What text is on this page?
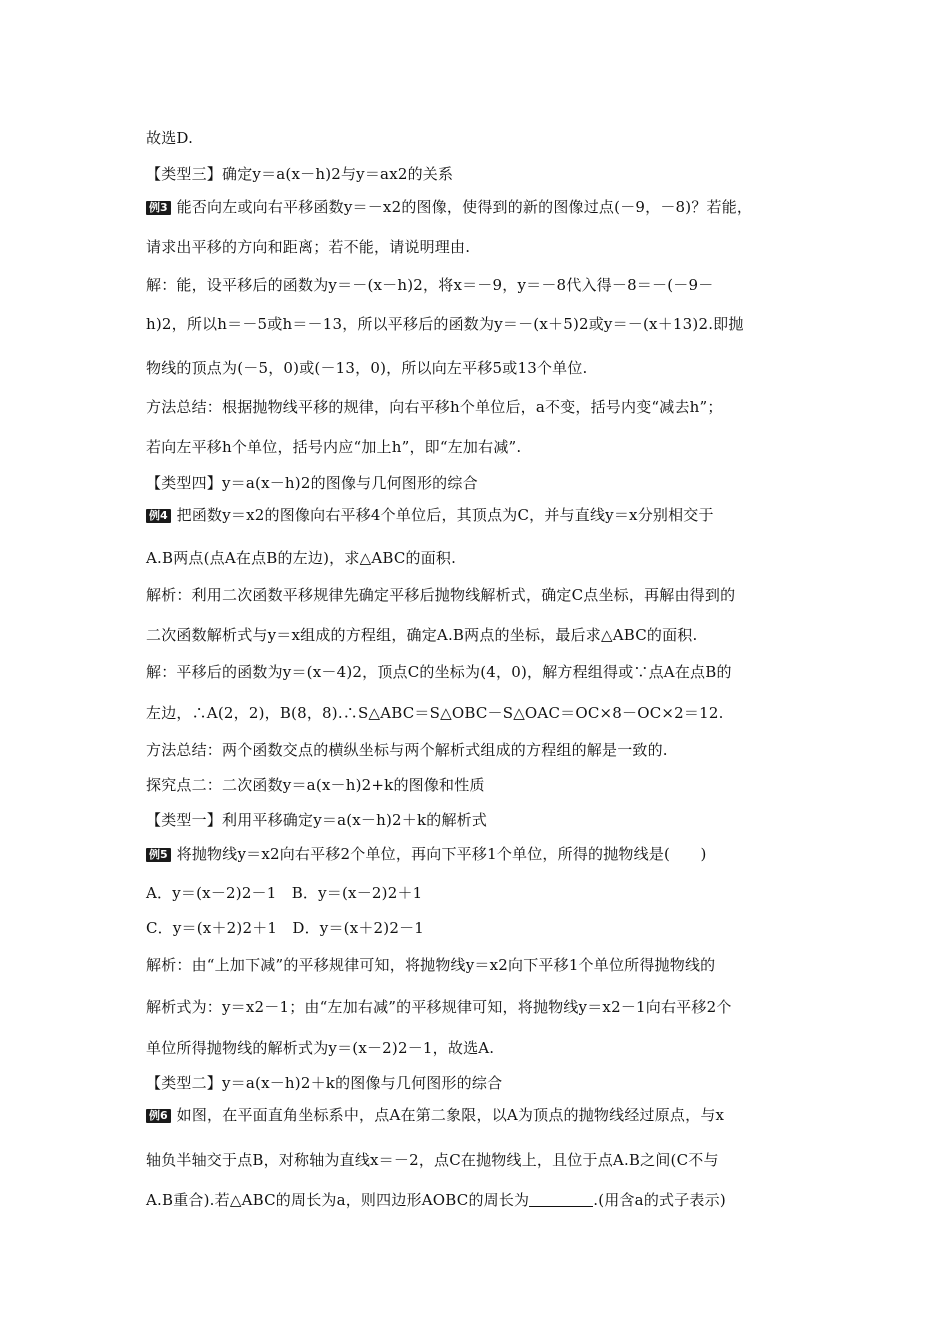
故选D.
【类型三】确定y＝a(x－h)2与y＝ax2的关系
例3 能否向左或向右平移函数y＝－x2的图像，使得到的新的图像过点(－9，－8)？若能，
请求出平移的方向和距离；若不能，请说明理由.
解：能，设平移后的函数为y＝－(x－h)2，将x＝－9，y＝－8代入得－8＝－(－9－
h)2，所以h＝－5或h＝－13，所以平移后的函数为y＝－(x＋5)2或y＝－(x＋13)2.即抛
物线的顶点为(－5，0)或(－13，0)，所以向左平移5或13个单位.
方法总结：根据抛物线平移的规律，向右平移h个单位后，a不变，括号内变“减去h”；
若向左平移h个单位，括号内应“加上h”，即“左加右减”.
【类型四】y＝a(x－h)2的图像与几何图形的综合
例4 把函数y＝x2的图像向右平移4个单位后，其顶点为C，并与直线y＝x分别相交于
A.B两点(点A在点B的左边)，求△ABC的面积.
解析：利用二次函数平移规律先确定平移后抛物线解析式，确定C点坐标，再解由得到的
二次函数解析式与y＝x组成的方程组，确定A.B两点的坐标，最后求△ABC的面积.
解：平移后的函数为y＝(x－4)2，顶点C的坐标为(4，0)，解方程组得或∵点A在点B的
左边，∴A(2，2)，B(8，8).∴S△ABC＝S△OBC－S△OAC＝OC×8－OC×2＝12.
方法总结：两个函数交点的横纵坐标与两个解析式组成的方程组的解是一致的.
探究点二：二次函数y＝a(x－h)2+k的图像和性质
【类型一】利用平移确定y＝a(x－h)2＋k的解析式
例5 将抛物线y＝x2向右平移2个单位，再向下平移1个单位，所得的抛物线是(　　)
A．y＝(x－2)2－1　B．y＝(x－2)2＋1
C．y＝(x＋2)2＋1　D．y＝(x＋2)2－1
解析：由“上加下减”的平移规律可知，将抛物线y＝x2向下平移1个单位所得抛物线的
解析式为：y＝x2－1；由“左加右减”的平移规律可知，将抛物线y＝x2－1向右平移2个
单位所得抛物线的解析式为y＝(x－2)2－1，故选A.
【类型二】y＝a(x－h)2＋k的图像与几何图形的综合
例6 如图，在平面直角坐标系中，点A在第二象限，以A为顶点的抛物线经过原点，与x
轴负半轴交于点B，对称轴为直线x＝－2，点C在抛物线上，且位于点A.B之间(C不与
A.B重合).若△ABC的周长为a，则四边形AOBC的周长为	.(用含a的式子表示)
